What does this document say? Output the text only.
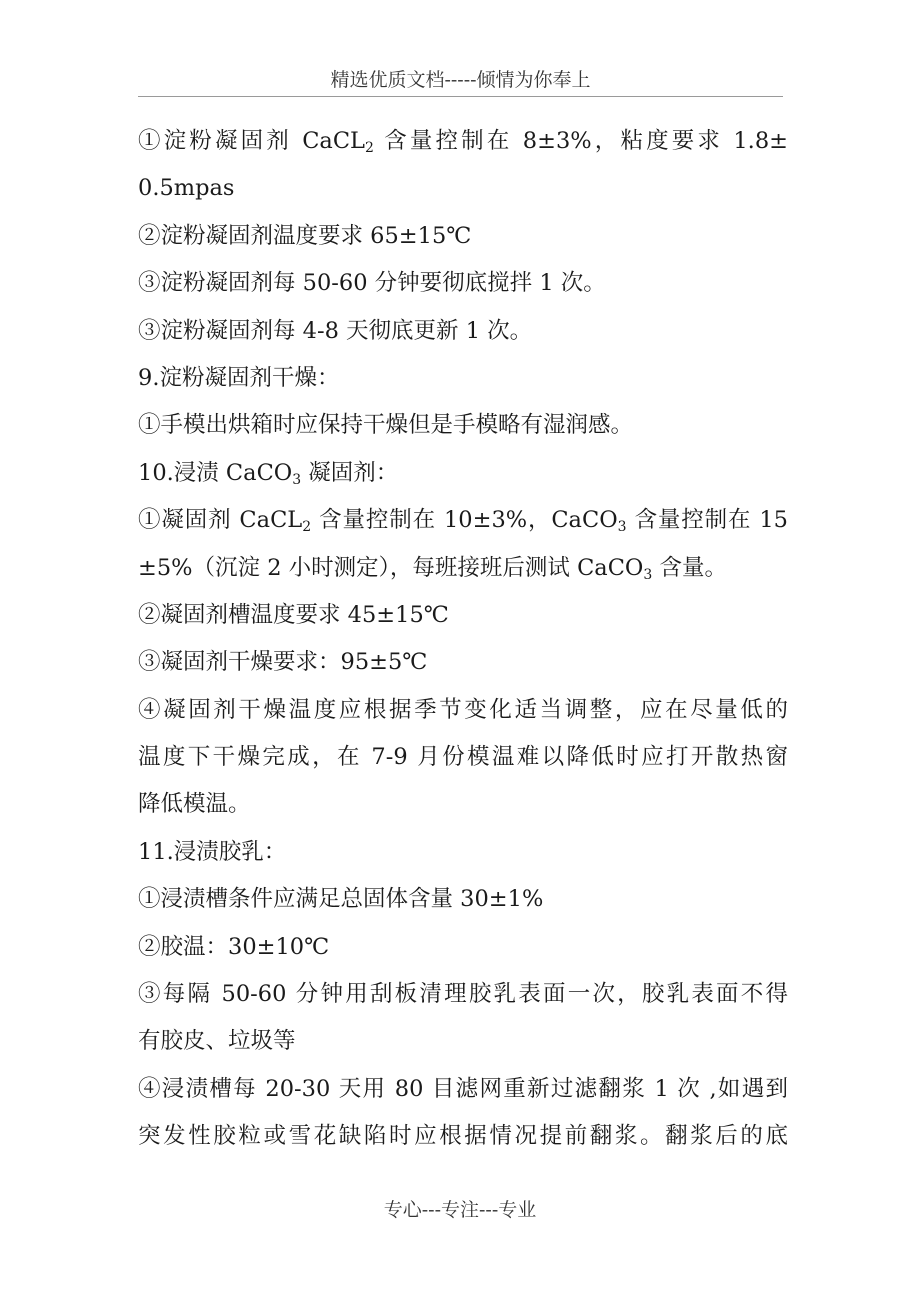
精选优质文档-----倾情为你奉上
①淀粉凝固剂 CaCL$_2$ 含量控制在 8±3%，粘度要求 1.8±
0.5mpas
②淀粉凝固剂温度要求 65±15℃
③淀粉凝固剂每 50-60 分钟要彻底搅拌 1 次。
③淀粉凝固剂每 4-8 天彻底更新 1 次。
9.淀粉凝固剂干燥：
①手模出烘箱时应保持干燥但是手模略有湿润感。
10.浸渍 CaCO$_3$ 凝固剂：
①凝固剂 CaCL$_2$ 含量控制在 10±3%，CaCO$_3$ 含量控制在 15
±5%（沉淀 2 小时测定），每班接班后测试 CaCO$_3$ 含量。
②凝固剂槽温度要求 45±15℃
③凝固剂干燥要求：95±5℃
④凝固剂干燥温度应根据季节变化适当调整，应在尽量低的
温度下干燥完成，在 7-9 月份模温难以降低时应打开散热窗
降低模温。
11.浸渍胶乳：
①浸渍槽条件应满足总固体含量 30±1%
②胶温：30±10℃
③每隔 50-60 分钟用刮板清理胶乳表面一次，胶乳表面不得
有胶皮、垃圾等
④浸渍槽每 20-30 天用 80 目滤网重新过滤翻浆 1 次 ,如遇到
突发性胶粒或雪花缺陷时应根据情况提前翻浆。翻浆后的底
专心---专注---专业
